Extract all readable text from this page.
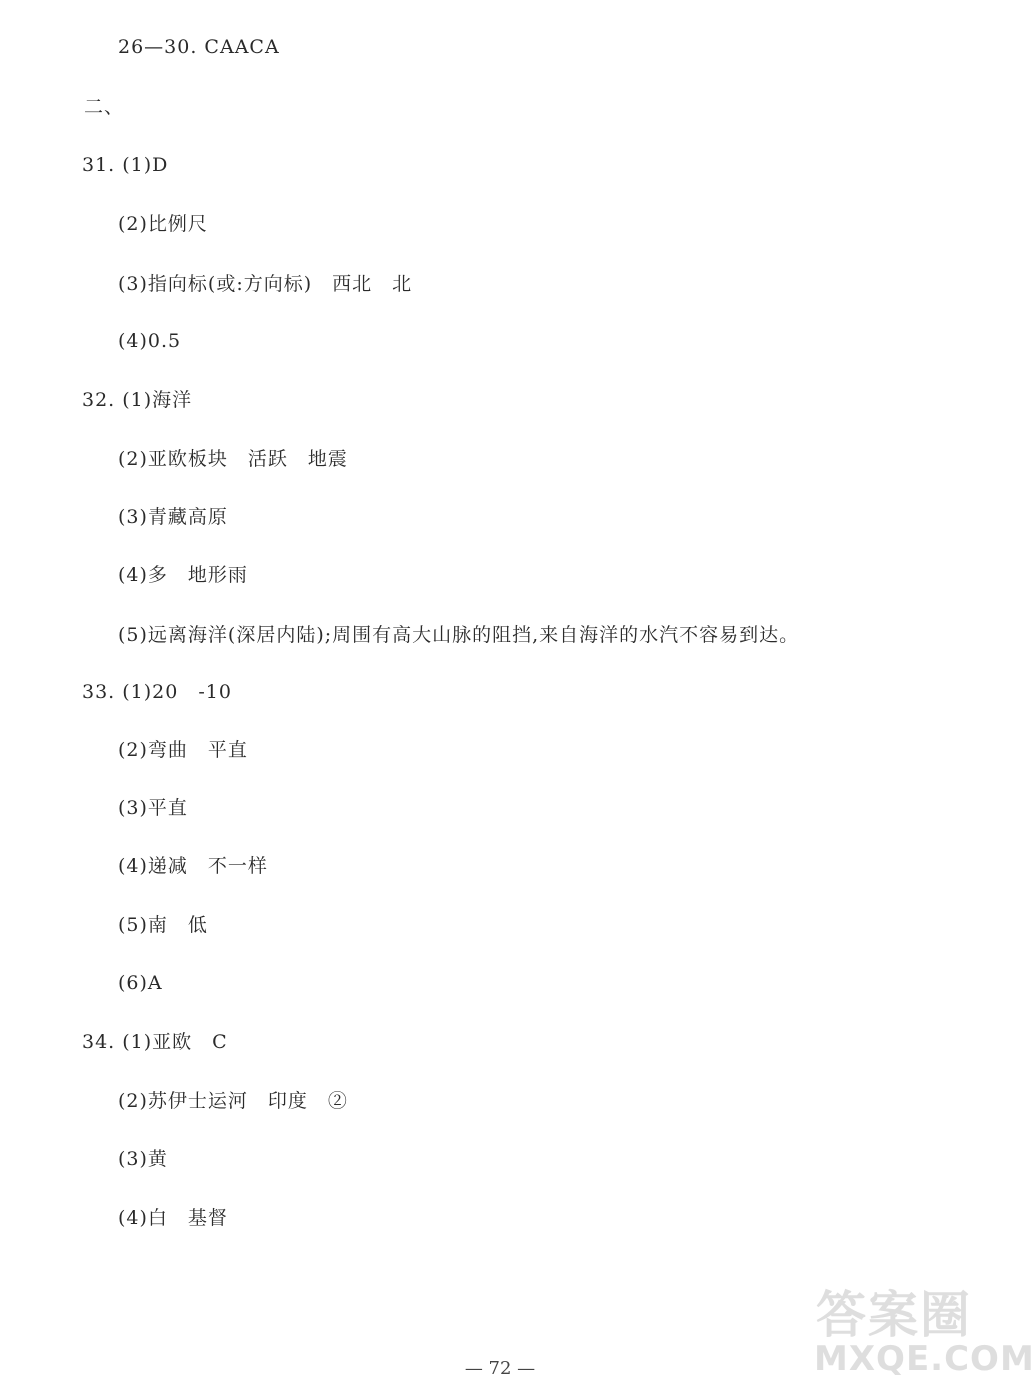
26—30. CAACA
二、
31. (1)D
(2)比例尺
(3)指向标(或:方向标)　西北　北
(4)0.5
32. (1)海洋
(2)亚欧板块　活跃　地震
(3)青藏高原
(4)多　地形雨
(5)远离海洋(深居内陆);周围有高大山脉的阻挡,来自海洋的水汽不容易到达。
33. (1)20　-10
(2)弯曲　平直
(3)平直
(4)递减　不一样
(5)南　低
(6)A
34. (1)亚欧　C
(2)苏伊士运河　印度　②
(3)黄
(4)白　基督
— 72 —
答案圈
MXQE.COM
